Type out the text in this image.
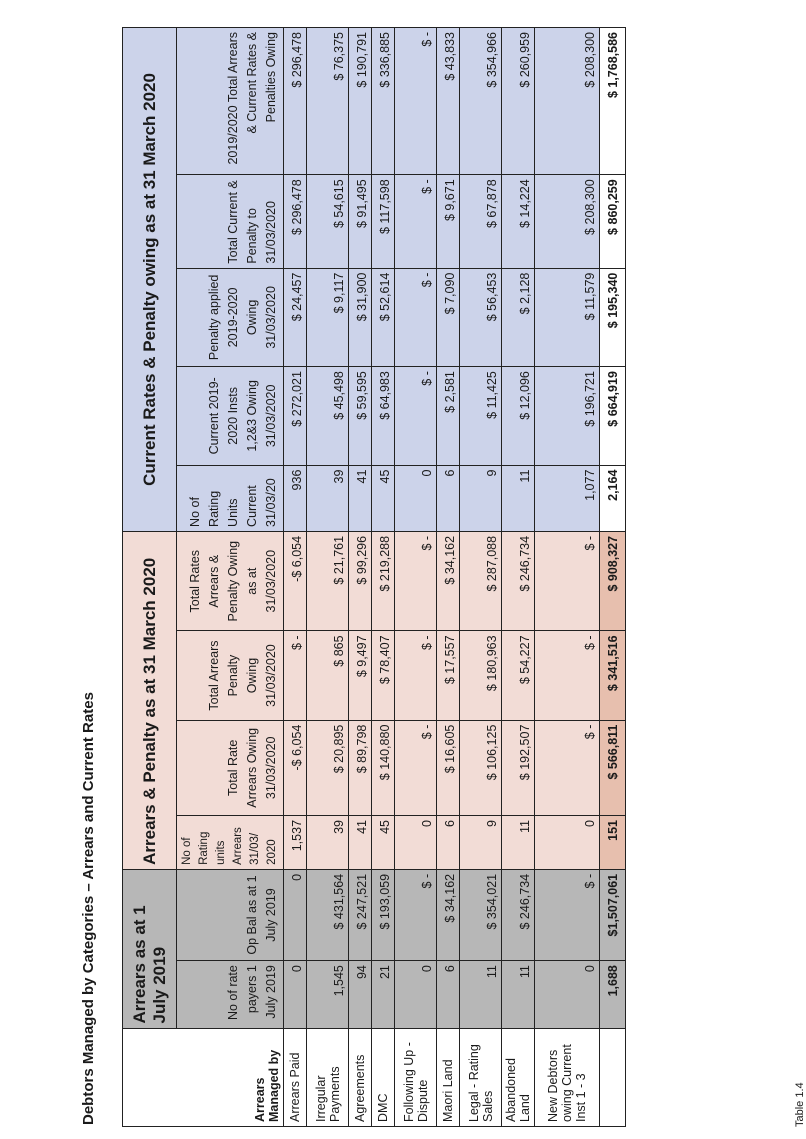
Debtors Managed by Categories – Arrears and Current Rates	Arrears Managed by	Arrears as at 1 July 2019		Arrears & Penalty as at 31 March 2020				Current Rates & Penalty owing as at 31 March 2020				
	No of rate payers 1 July 2019	Op Bal as at 1 July 2019	No of Rating units Arrears 31/03/ 2020	Total Rate Arrears Owing 31/03/2020	Total Arrears Penalty Owing 31/03/2020	Total Rates Arrears & Penalty Owing as at 31/03/2020	No of Rating Units Current 31/03/20	Current 2019-2020 Insts 1,2&3 Owing 31/03/2020	Penalty applied 2019-2020 Owing 31/03/2020	Total Current & Penalty to 31/03/2020	2019/2020 Total Arrears & Current Rates & Penalties Owing
Arrears Paid	0	0	1,537	-$ 6,054	$ -	-$ 6,054	936	$ 272,021	$ 24,457	$ 296,478	$ 296,478
Irregular Payments	1,545	$ 431,564	39	$ 20,895	$ 865	$ 21,761	39	$ 45,498	$ 9,117	$ 54,615	$ 76,375
Agreements	94	$ 247,521	41	$ 89,798	$ 9,497	$ 99,296	41	$ 59,595	$ 31,900	$ 91,495	$ 190,791
DMC	21	$ 193,059	45	$ 140,880	$ 78,407	$ 219,288	45	$ 64,983	$ 52,614	$ 117,598	$ 336,885
Following Up - Dispute	0	$ -	0	$ -	$ -	$ -	0	$ -	$ -	$ -	$ -
Maori Land	6	$ 34,162	6	$ 16,605	$ 17,557	$ 34,162	6	$ 2,581	$ 7,090	$ 9,671	$ 43,833
Legal - Rating Sales	11	$ 354,021	9	$ 106,125	$ 180,963	$ 287,088	9	$ 11,425	$ 56,453	$ 67,878	$ 354,966
Abandoned Land	11	$ 246,734	11	$ 192,507	$ 54,227	$ 246,734	11	$ 12,096	$ 2,128	$ 14,224	$ 260,959
New Debtors owing Current Inst 1 - 3	0	$ -	0	$ -	$ -	$ -	1,077	$ 196,721	$ 11,579	$ 208,300	$ 208,300
	1,688	$1,507,061	151	$ 566,811	$ 341,516	$ 908,327	2,164	$ 664,919	$ 195,340	$ 860,259	$ 1,768,586
Table 1.4
